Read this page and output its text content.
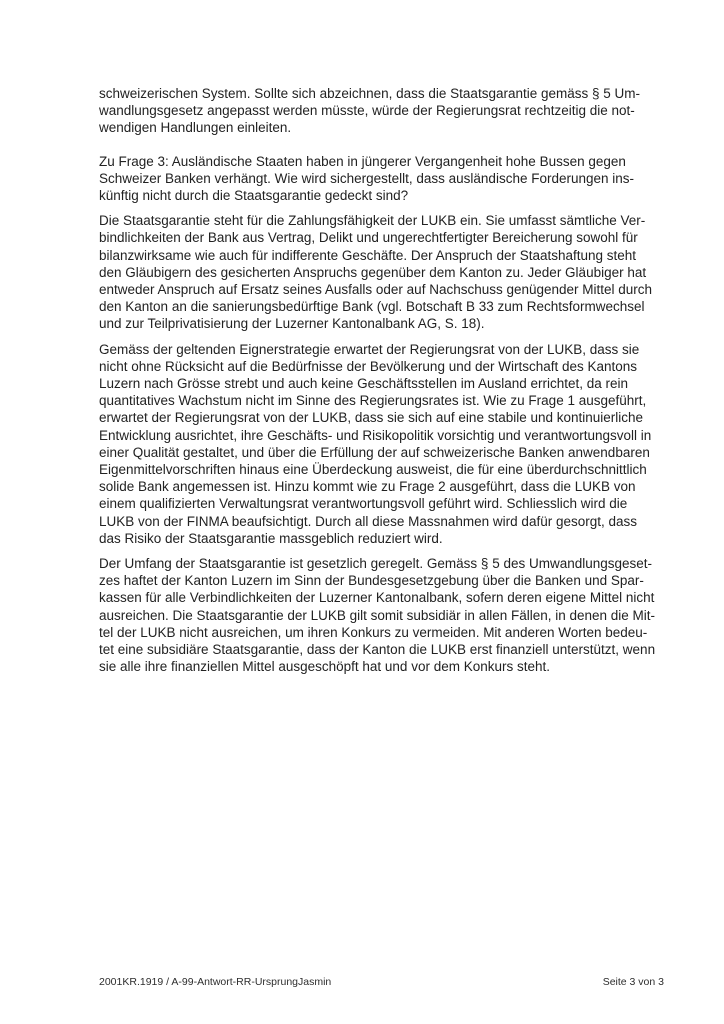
schweizerischen System. Sollte sich abzeichnen, dass die Staatsgarantie gemäss § 5 Um-
wandlungsgesetz angepasst werden müsste, würde der Regierungsrat rechtzeitig die not-
wendigen Handlungen einleiten.
Zu Frage 3: Ausländische Staaten haben in jüngerer Vergangenheit hohe Bussen gegen
Schweizer Banken verhängt. Wie wird sichergestellt, dass ausländische Forderungen ins-
künftig nicht durch die Staatsgarantie gedeckt sind?
Die Staatsgarantie steht für die Zahlungsfähigkeit der LUKB ein. Sie umfasst sämtliche Ver-
bindlichkeiten der Bank aus Vertrag, Delikt und ungerechtfertigter Bereicherung sowohl für
bilanzwirksame wie auch für indifferente Geschäfte. Der Anspruch der Staatshaftung steht
den Gläubigern des gesicherten Anspruchs gegenüber dem Kanton zu. Jeder Gläubiger hat
entweder Anspruch auf Ersatz seines Ausfalls oder auf Nachschuss genügender Mittel durch
den Kanton an die sanierungsbedürftige Bank (vgl. Botschaft B 33 zum Rechtsformwechsel
und zur Teilprivatisierung der Luzerner Kantonalbank AG, S. 18).
Gemäss der geltenden Eignerstrategie erwartet der Regierungsrat von der LUKB, dass sie
nicht ohne Rücksicht auf die Bedürfnisse der Bevölkerung und der Wirtschaft des Kantons
Luzern nach Grösse strebt und auch keine Geschäftsstellen im Ausland errichtet, da rein
quantitatives Wachstum nicht im Sinne des Regierungsrates ist. Wie zu Frage 1 ausgeführt,
erwartet der Regierungsrat von der LUKB, dass sie sich auf eine stabile und kontinuierliche
Entwicklung ausrichtet, ihre Geschäfts- und Risikopolitik vorsichtig und verantwortungsvoll in
einer Qualität gestaltet, und über die Erfüllung der auf schweizerische Banken anwendbaren
Eigenmittelvorschriften hinaus eine Überdeckung ausweist, die für eine überdurchschnittlich
solide Bank angemessen ist. Hinzu kommt wie zu Frage 2 ausgeführt, dass die LUKB von
einem qualifizierten Verwaltungsrat verantwortungsvoll geführt wird. Schliesslich wird die
LUKB von der FINMA beaufsichtigt. Durch all diese Massnahmen wird dafür gesorgt, dass
das Risiko der Staatsgarantie massgeblich reduziert wird.
Der Umfang der Staatsgarantie ist gesetzlich geregelt. Gemäss § 5 des Umwandlungsgeset-
zes haftet der Kanton Luzern im Sinn der Bundesgesetzgebung über die Banken und Spar-
kassen für alle Verbindlichkeiten der Luzerner Kantonalbank, sofern deren eigene Mittel nicht
ausreichen. Die Staatsgarantie der LUKB gilt somit subsidiär in allen Fällen, in denen die Mit-
tel der LUKB nicht ausreichen, um ihren Konkurs zu vermeiden. Mit anderen Worten bedeu-
tet eine subsidiäre Staatsgarantie, dass der Kanton die LUKB erst finanziell unterstützt, wenn
sie alle ihre finanziellen Mittel ausgeschöpft hat und vor dem Konkurs steht.
2001KR.1919 / A-99-Antwort-RR-UrsprungJasmin	Seite 3 von 3
